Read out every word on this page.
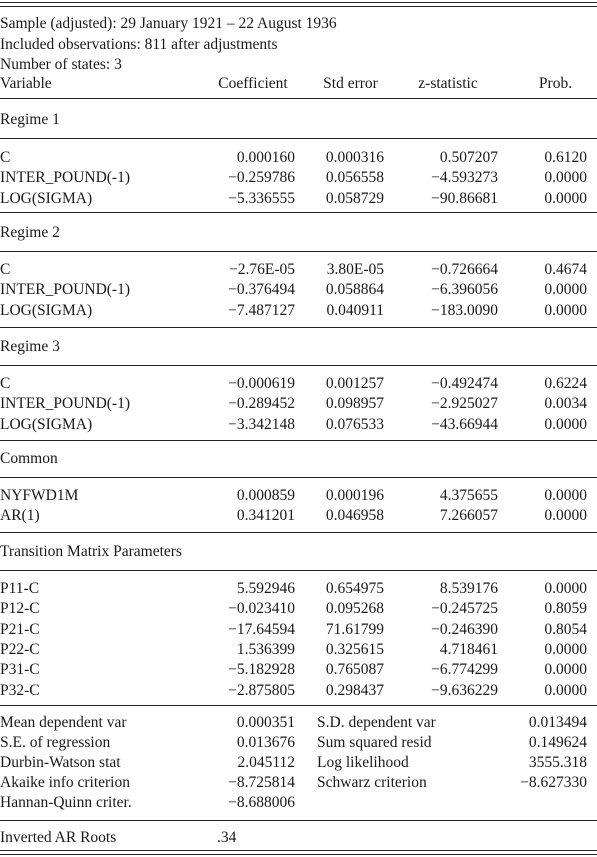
Sample (adjusted): 29 January 1921 – 22 August 1936
Included observations: 811 after adjustments
Number of states: 3
Variable	Coefficient	Std error	z-statistic	Prob.
Regime 1
C	0.000160 0.000316	0.507207	0.6120
INTER_POUND(-1)	−0.259786 0.056558	−4.593273	0.0000
LOG(SIGMA)	−5.336555 0.058729	−90.86681	0.0000
Regime 2
C	−2.76E-05 3.80E-05	−0.726664	0.4674
INTER_POUND(-1)	−0.376494 0.058864	−6.396056	0.0000
LOG(SIGMA)	−7.487127 0.040911	−183.0090	0.0000
Regime 3
C	−0.000619 0.001257	−0.492474	0.6224
INTER_POUND(-1)	−0.289452 0.098957	−2.925027	0.0034
LOG(SIGMA)	−3.342148 0.076533	−43.66944	0.0000
Common
NYFWD1M	0.000859 0.000196	4.375655	0.0000
AR(1)	0.341201 0.046958	7.266057	0.0000
Transition Matrix Parameters
P11-C	5.592946 0.654975	8.539176	0.0000
P12-C	−0.023410 0.095268	−0.245725	0.8059
P21-C	−17.64594 71.61799	−0.246390	0.8054
P22-C	1.536399 0.325615	4.718461	0.0000
P31-C	−5.182928 0.765087	−6.774299	0.0000
P32-C	−2.875805 0.298437	−9.636229	0.0000
Mean dependent var	0.000351 S.D. dependent var	0.013494
S.E. of regression	0.013676 Sum squared resid	0.149624
Durbin-Watson stat	2.045112 Log likelihood	3555.318
Akaike info criterion	−8.725814 Schwarz criterion	−8.627330
Hannan-Quinn criter.	−8.688006
Inverted AR Roots	.34
